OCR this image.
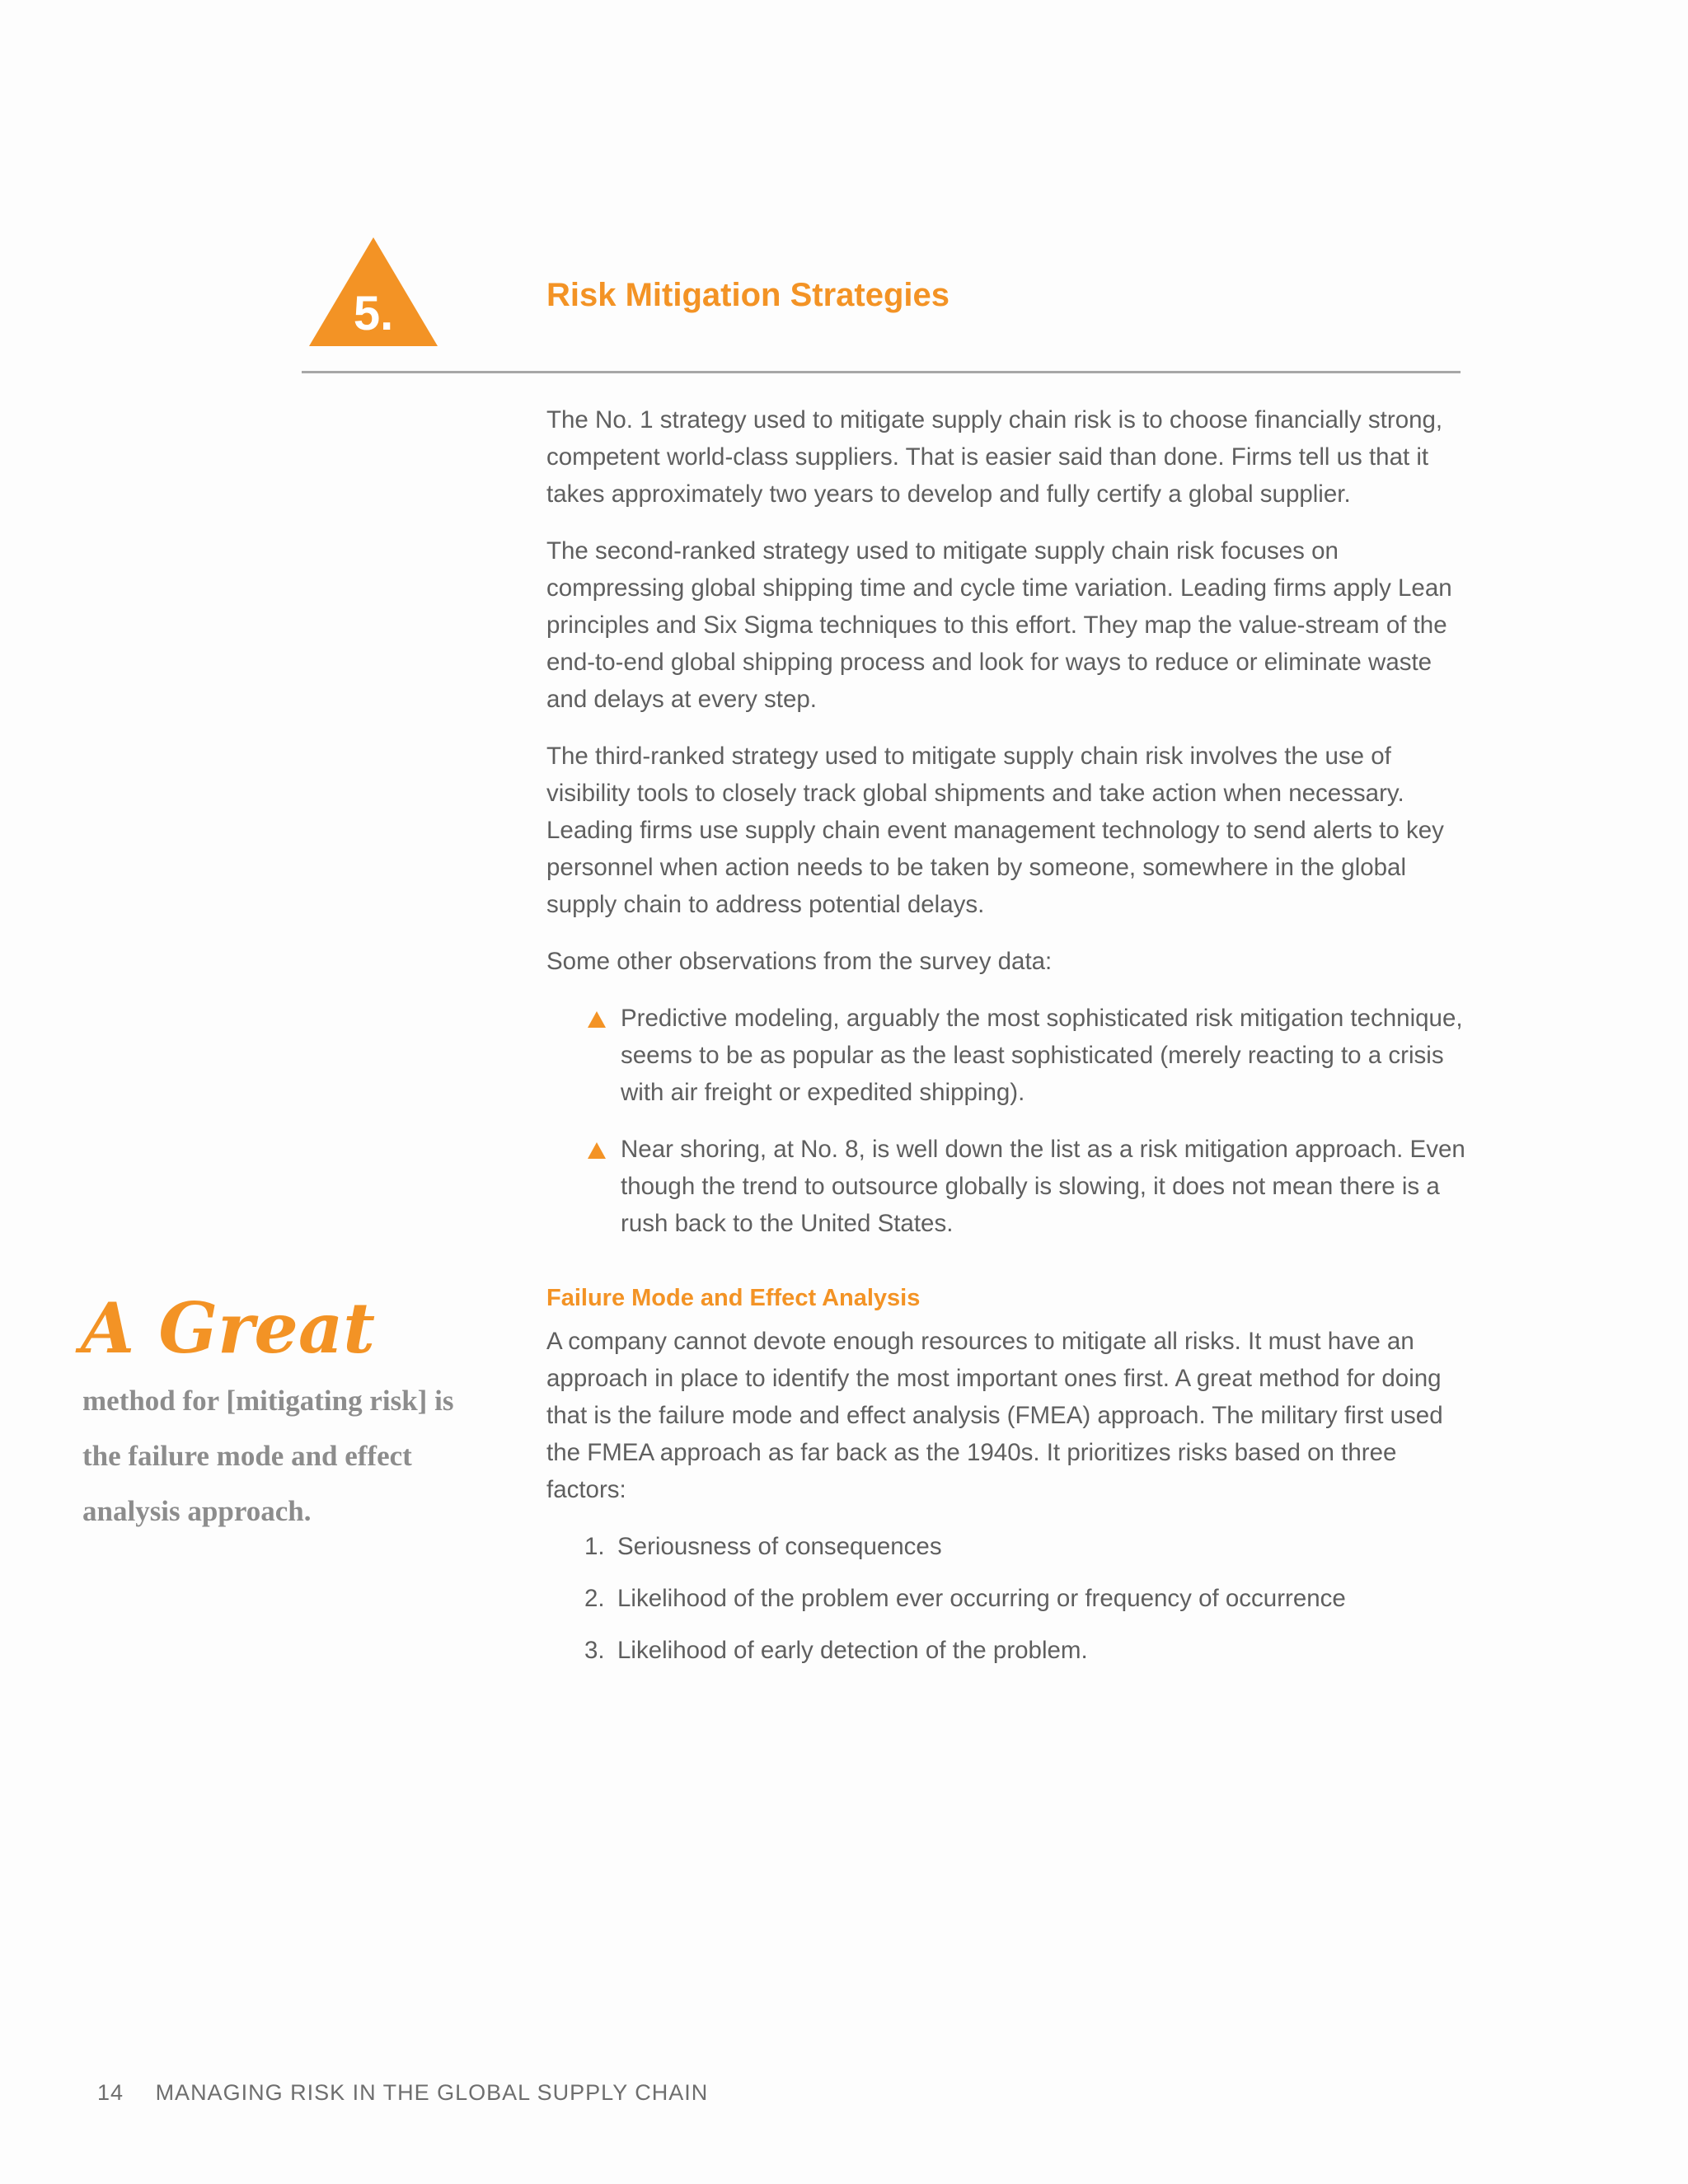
5.	Risk Mitigation Strategies

The No. 1 strategy used to mitigate supply chain risk is to choose financially strong, competent world-class suppliers. That is easier said than done. Firms tell us that it takes approximately two years to develop and fully certify a global supplier.

The second-ranked strategy used to mitigate supply chain risk focuses on compressing global shipping time and cycle time variation. Leading firms apply Lean principles and Six Sigma techniques to this effort. They map the value-stream of the end-to-end global shipping process and look for ways to reduce or eliminate waste and delays at every step.

The third-ranked strategy used to mitigate supply chain risk involves the use of visibility tools to closely track global shipments and take action when necessary. Leading firms use supply chain event management technology to send alerts to key personnel when action needs to be taken by someone, somewhere in the global supply chain to address potential delays.

Some other observations from the survey data:

Predictive modeling, arguably the most sophisticated risk mitigation technique, seems to be as popular as the least sophisticated (merely reacting to a crisis with air freight or expedited shipping).
Near shoring, at No. 8, is well down the list as a risk mitigation approach. Even though the trend to outsource globally is slowing, it does not mean there is a rush back to the United States.
Failure Mode and Effect Analysis

A company cannot devote enough resources to mitigate all risks. It must have an approach in place to identify the most important ones first. A great method for doing that is the failure mode and effect analysis (FMEA) approach. The military first used the FMEA approach as far back as the 1940s. It prioritizes risks based on three factors:

1. Seriousness of consequences
2. Likelihood of the problem ever occurring or frequency of occurrence
3. Likelihood of early detection of the problem.
A Great
method for [mitigating risk] is the failure mode and effect analysis approach.
14 MANAGING RISK IN THE GLOBAL SUPPLY CHAIN
